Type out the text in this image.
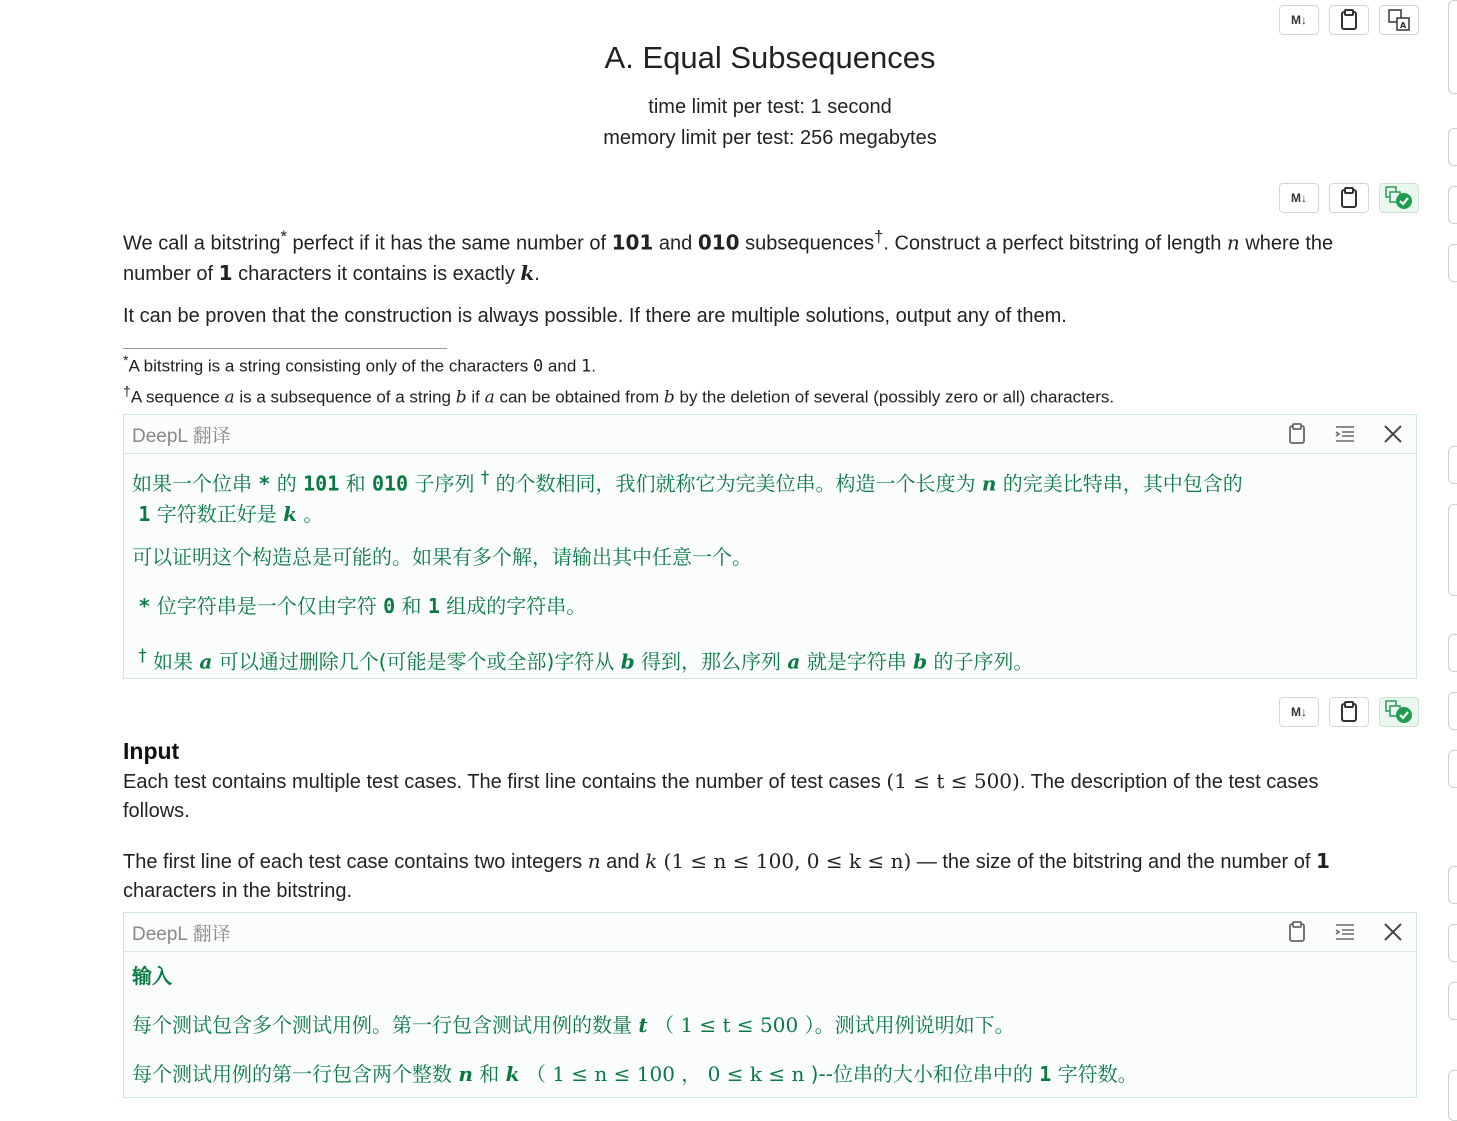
M↓	A
A. Equal Subsequences
time limit per test: 1 second
memory limit per test: 256 megabytes
M↓
We call a bitstring* perfect if it has the same number of 101 and 010 subsequences†. Construct a perfect bitstring of length n where the
number of 1 characters it contains is exactly k.
It can be proven that the construction is always possible. If there are multiple solutions, output any of them.
*A bitstring is a string consisting only of the characters 0 and 1.
†A sequence a is a subsequence of a string b if a can be obtained from b by the deletion of several (possibly zero or all) characters.
DeepL 翻译
如果一个位串 * 的 101 和 010 子序列 † 的个数相同，我们就称它为完美位串。构造一个长度为 n 的完美比特串，其中包含的
1 字符数正好是 k 。
可以证明这个构造总是可能的。如果有多个解，请输出其中任意一个。
* 位字符串是一个仅由字符 0 和 1 组成的字符串。
† 如果 a 可以通过删除几个(可能是零个或全部)字符从 b 得到，那么序列 a 就是字符串 b 的子序列。
M↓
Input
Each test contains multiple test cases. The first line contains the number of test cases (1 ≤ t ≤ 500). The description of the test cases
follows.
The first line of each test case contains two integers n and k (1 ≤ n ≤ 100, 0 ≤ k ≤ n) — the size of the bitstring and the number of 1
characters in the bitstring.
DeepL 翻译
输入
每个测试包含多个测试用例。第一行包含测试用例的数量 t （ 1 ≤ t ≤ 500 ）。测试用例说明如下。
每个测试用例的第一行包含两个整数 n 和 k （ 1 ≤ n ≤ 100 ， 0 ≤ k ≤ n )--位串的大小和位串中的 1 字符数。
